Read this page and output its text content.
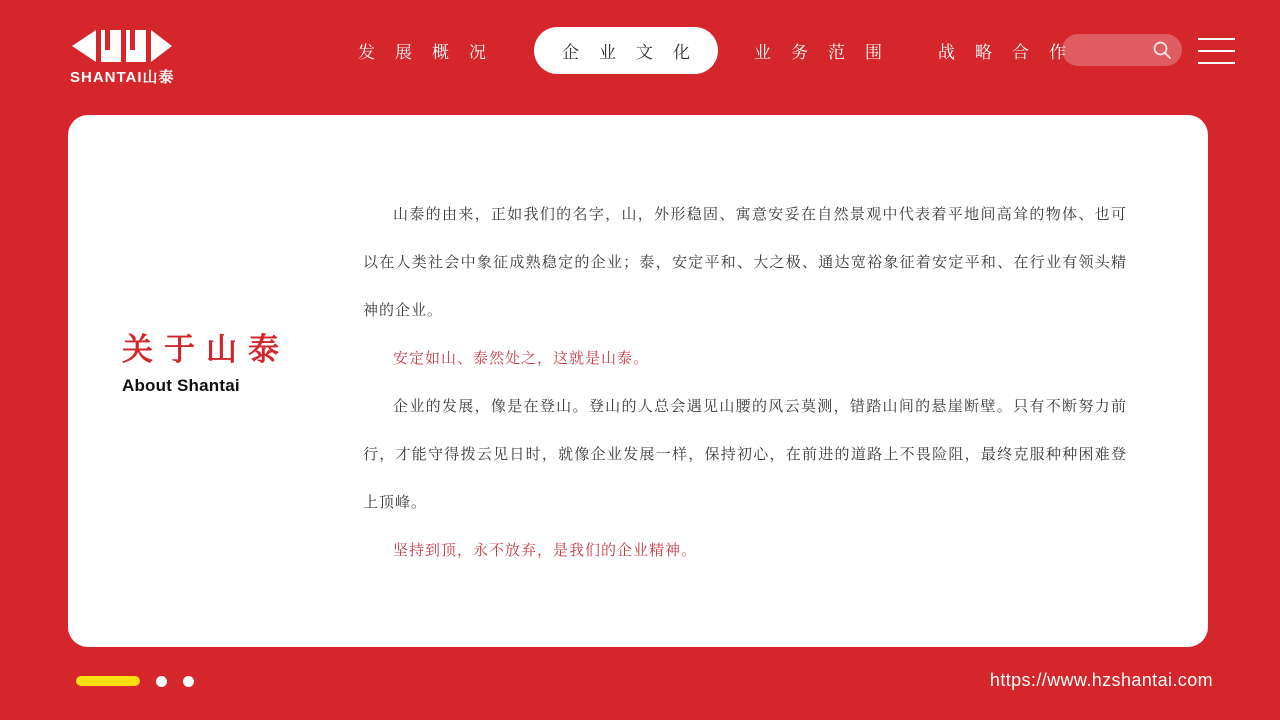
SHANTAI山泰
发展概况	企业文化	业务范围	战略合作
关于山泰
About Shantai

山泰的由来，正如我们的名字，山，外形稳固、寓意安妥在自然景观中代表着平地间高耸的物体、也可以在人类社会中象征成熟稳定的企业；泰，安定平和、大之极、通达宽裕象征着安定平和、在行业有领头精神的企业。

安定如山、泰然处之，这就是山泰。

企业的发展，像是在登山。登山的人总会遇见山腰的风云莫测，错踏山间的悬崖断壁。只有不断努力前行，才能守得拨云见日时，就像企业发展一样，保持初心，在前进的道路上不畏险阻，最终克服种种困难登上顶峰。

坚持到顶，永不放弃，是我们的企业精神。

https://www.hzshantai.com
